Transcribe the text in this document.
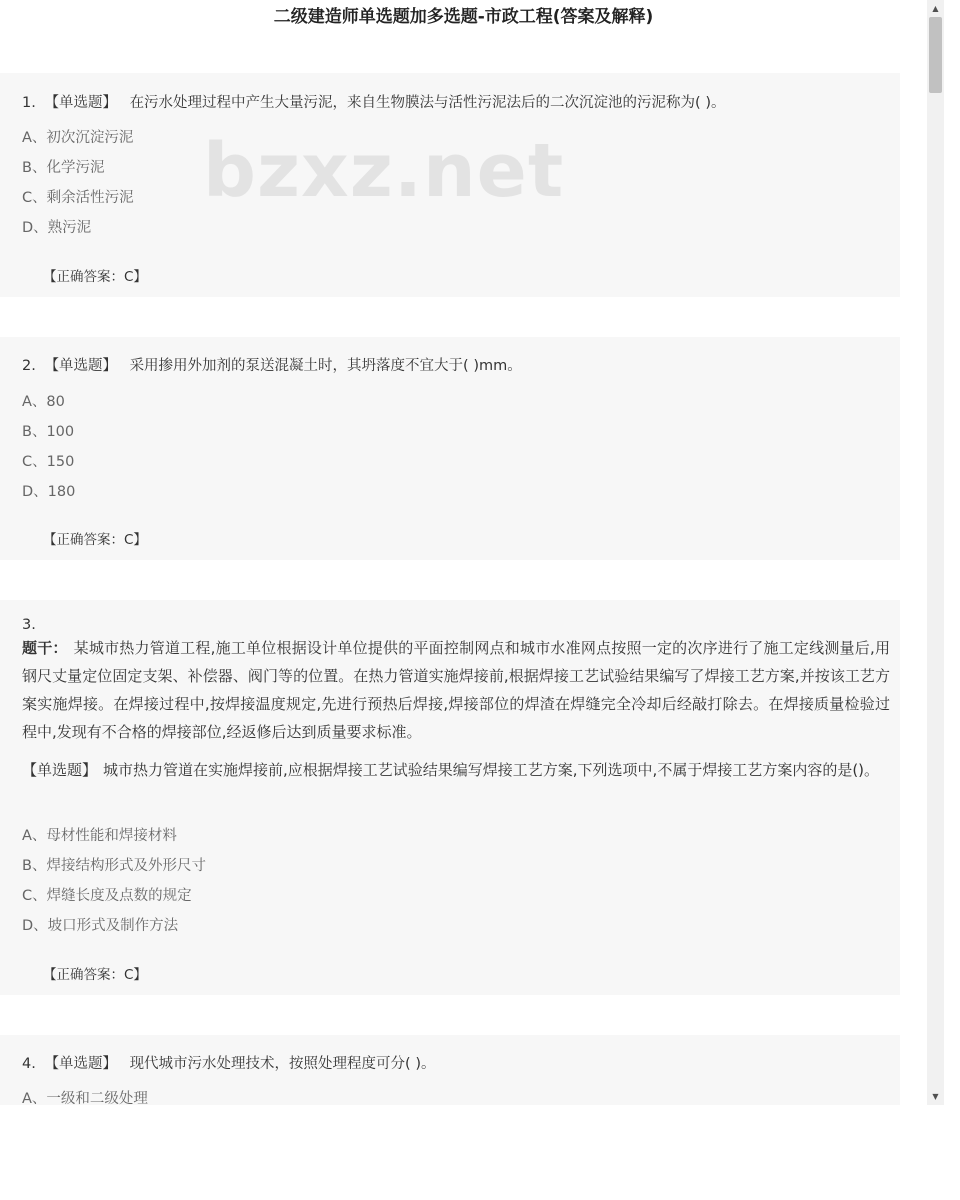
二级建造师单选题加多选题-市政工程(答案及解释)
bzxz.net
1. 【单选题】 在污水处理过程中产生大量污泥，来自生物膜法与活性污泥法后的二次沉淀池的污泥称为( )。
A、初次沉淀污泥
B、化学污泥
C、剩余活性污泥
D、熟污泥
【正确答案：C】
2. 【单选题】 采用掺用外加剂的泵送混凝土时，其坍落度不宜大于( )mm。
A、80
B、100
C、150
D、180
【正确答案：C】
3.
题干： 某城市热力管道工程,施工单位根据设计单位提供的平面控制网点和城市水准网点按照一定的次序进行了施工定线测量后,用钢尺丈量定位固定支架、补偿器、阀门等的位置。在热力管道实施焊接前,根据焊接工艺试验结果编写了焊接工艺方案,并按该工艺方案实施焊接。在焊接过程中,按焊接温度规定,先进行预热后焊接,焊接部位的焊渣在焊缝完全冷却后经敲打除去。在焊接质量检验过程中,发现有不合格的焊接部位,经返修后达到质量要求标准。
【单选题】 城市热力管道在实施焊接前,应根据焊接工艺试验结果编写焊接工艺方案,下列选项中,不属于焊接工艺方案内容的是()。
A、母材性能和焊接材料
B、焊接结构形式及外形尺寸
C、焊缝长度及点数的规定
D、坡口形式及制作方法
【正确答案：C】
4. 【单选题】 现代城市污水处理技术，按照处理程度可分( )。
A、一级和二级处理
▲
▼
